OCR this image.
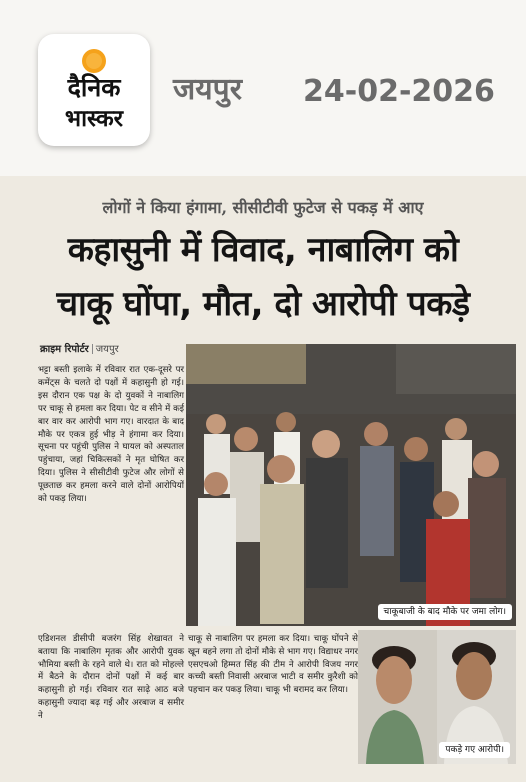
दैनिक
भास्कर
जयपुर 24-02-2026
लोगों ने किया हंगामा, सीसीटीवी फुटेज से पकड़ में आए
कहासुनी में विवाद, नाबालिग को
चाकू घोंपा, मौत, दो आरोपी पकड़े
क्राइम रिपोर्टर जयपुर

भट्टा बस्ती इलाके में रविवार रात एक-दूसरे पर कमेंट्स के चलते दो पक्षों में कहासुनी हो गई। इस दौरान एक पक्ष के दो युवकों ने नाबालिग पर चाकू से हमला कर दिया। पेट व सीने में कई बार वार कर आरोपी भाग गए। वारदात के बाद मौके पर एकत्र हुई भीड़ ने हंगामा कर दिया। सूचना पर पहुंची पुलिस ने घायल को अस्पताल पहुंचाया, जहां चिकित्सकों ने मृत घोषित कर दिया। पुलिस ने सीसीटीवी फुटेज और लोगों से पूछताछ कर हमला करने वाले दोनों आरोपियों को पकड़ लिया।

चाकूबाजी के बाद मौके पर जमा लोग।
एडिशनल डीसीपी बजरंग सिंह शेखावत ने बताया कि नाबालिग मृतक और आरोपी युवक भौमिया बस्ती के रहने वाले थे। रात को मोहल्ले में बैठने के दौरान दोनों पक्षों में कई बार कहासुनी हो गई। रविवार रात साढ़े आठ बजे कहासुनी ज्यादा बढ़ गई और अरबाज व समीर ने
चाकू से नाबालिग पर हमला कर दिया। चाकू घोंपने से खून बहने लगा तो दोनों मौके से भाग गए। विद्याधर नगर एसएचओ हिम्मत सिंह की टीम ने आरोपी विजय नगर कच्ची बस्ती निवासी अरबाज भाटी व समीर कुरैशी को पहचान कर पकड़ लिया। चाकू भी बरामद कर लिया।
पकड़े गए आरोपी।
